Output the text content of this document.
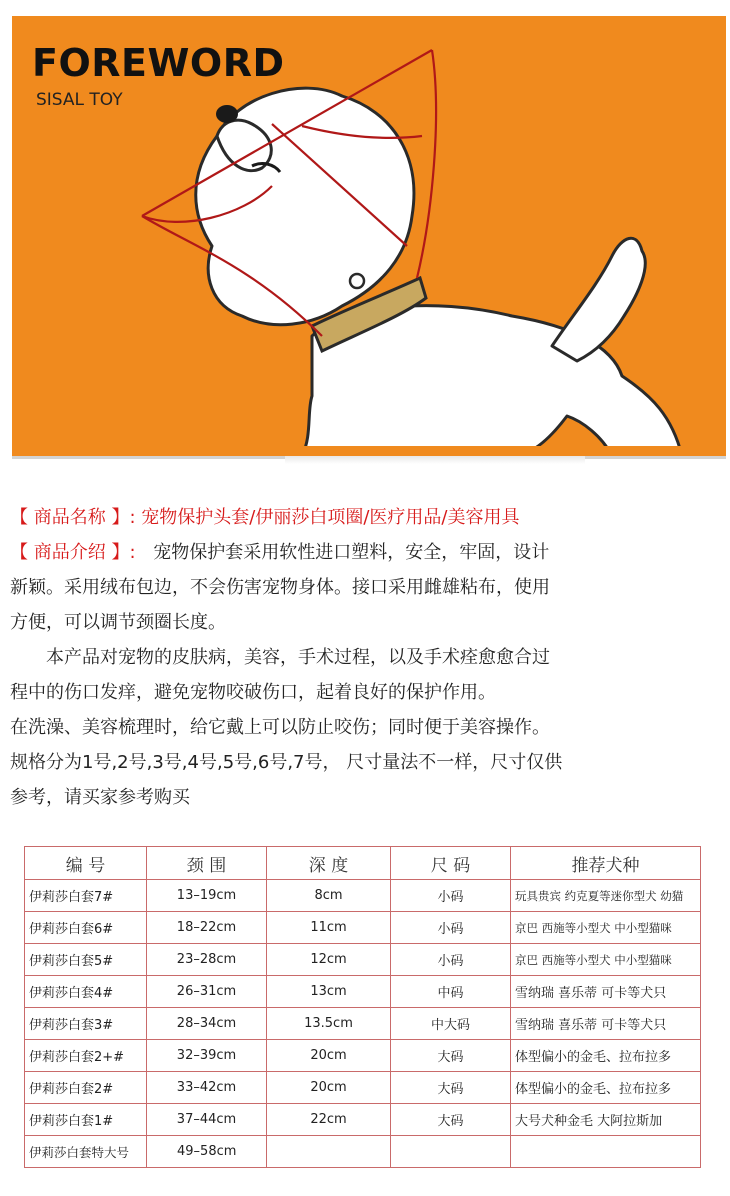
FOREWORD
SISAL TOY
【 商品名称 】: 宠物保护头套/伊丽莎白项圈/医疗用品/美容用具
【 商品介绍 】: 宠物保护套采用软性进口塑料，安全，牢固，设计
新颖。采用绒布包边，不会伤害宠物身体。接口采用雌雄粘布，使用
方便，可以调节颈圈长度。
本产品对宠物的皮肤病，美容，手术过程，以及手术痊愈愈合过
程中的伤口发痒，避免宠物咬破伤口，起着良好的保护作用。
在洗澡、美容梳理时，给它戴上可以防止咬伤；同时便于美容操作。
规格分为1号,2号,3号,4号,5号,6号,7号， 尺寸量法不一样，尺寸仅供
参考，请买家参考购买
编 号	颈 围	深 度	尺 码	推荐犬种
伊莉莎白套7#	13–19cm	8cm	小码	玩具贵宾 约克夏等迷你型犬 幼猫
伊莉莎白套6#	18–22cm	11cm	小码	京巴 西施等小型犬 中小型猫咪
伊莉莎白套5#	23–28cm	12cm	小码	京巴 西施等小型犬 中小型猫咪
伊莉莎白套4#	26–31cm	13cm	中码	雪纳瑞 喜乐蒂 可卡等犬只
伊莉莎白套3#	28–34cm	13.5cm	中大码	雪纳瑞 喜乐蒂 可卡等犬只
伊莉莎白套2+#	32–39cm	20cm	大码	体型偏小的金毛、拉布拉多
伊莉莎白套2#	33–42cm	20cm	大码	体型偏小的金毛、拉布拉多
伊莉莎白套1#	37–44cm	22cm	大码	大号犬种金毛 大阿拉斯加
伊莉莎白套特大号	49–58cm			
